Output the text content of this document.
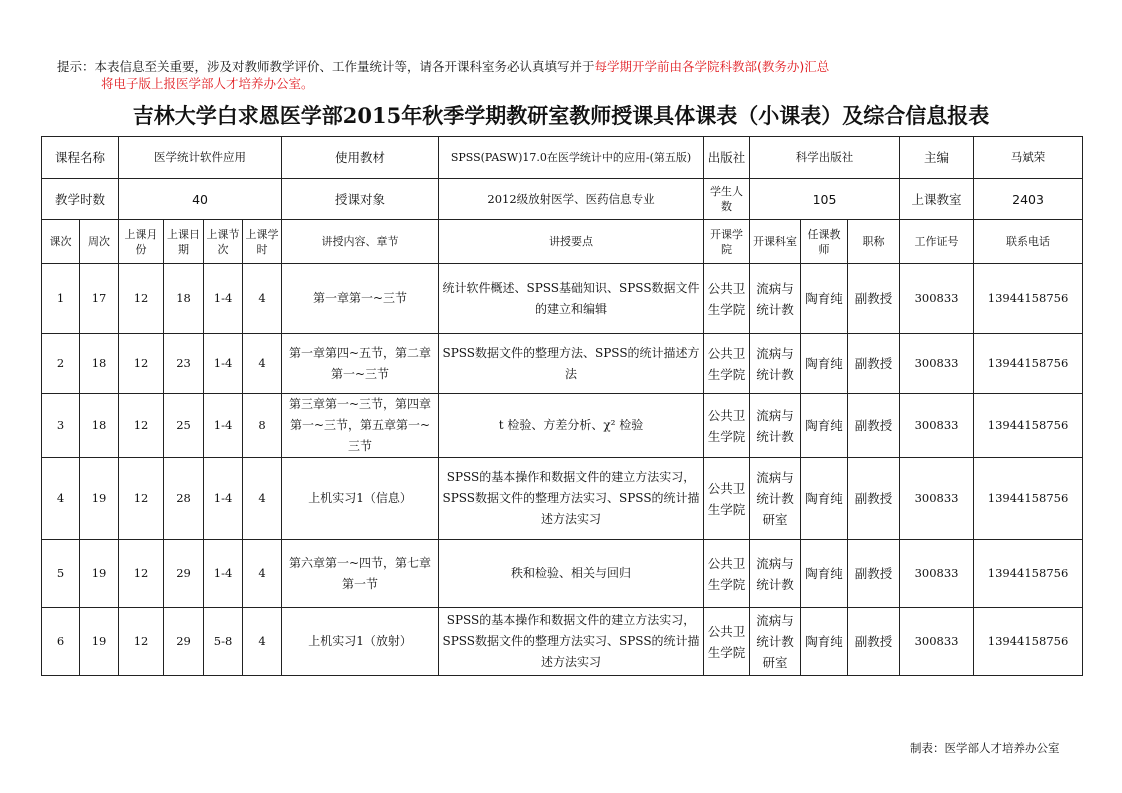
提示：本表信息至关重要，涉及对教师教学评价、工作量统计等，请各开课科室务必认真填写并于每学期开学前由各学院科教部(教务办)汇总
将电子版上报医学部人才培养办公室。
吉林大学白求恩医学部2015年秋季学期教研室教师授课具体课表（小课表）及综合信息报表
课程名称		医学统计软件应用				使用教材	SPSS(PASW)17.0在医学统计中的应用-(第五版)	出版社	科学出版社			主编	马斌荣
教学时数		40				授课对象	2012级放射医学、医药信息专业	学生人数	105			上课教室	2403
课次	周次	上课月份	上课日期	上课节次	上课学时	讲授内容、章节	讲授要点	开课学院	开课科室	任课教师	职称	工作证号	联系电话

1	17	12	18	1-4	4	第一章第一~三节	统计软件概述、SPSS基础知识、SPSS数据文件的建立和编辑	公共卫生学院	流病与统计教	陶育纯	副教授	300833	13944158756

2	18	12	23	1-4	4	第一章第四~五节，第二章第一~三节	SPSS数据文件的整理方法、SPSS的统计描述方法	公共卫生学院	流病与统计教	陶育纯	副教授	300833	13944158756

3	18	12	25	1-4	8	第三章第一~三节，第四章第一~三节，第五章第一~三节	t 检验、方差分析、χ² 检验	公共卫生学院	流病与统计教	陶育纯	副教授	300833	13944158756

4	19	12	28	1-4	4	上机实习1（信息）	SPSS的基本操作和数据文件的建立方法实习，SPSS数据文件的整理方法实习、SPSS的统计描述方法实习	公共卫生学院	流病与统计教研室	陶育纯	副教授	300833	13944158756

5	19	12	29	1-4	4	第六章第一~四节，第七章第一节	秩和检验、相关与回归	公共卫生学院	流病与统计教	陶育纯	副教授	300833	13944158756

6	19	12	29	5-8	4	上机实习1（放射）	SPSS的基本操作和数据文件的建立方法实习，SPSS数据文件的整理方法实习、SPSS的统计描述方法实习	公共卫生学院	流病与统计教研室	陶育纯	副教授	300833	13944158756
制表：医学部人才培养办公室
